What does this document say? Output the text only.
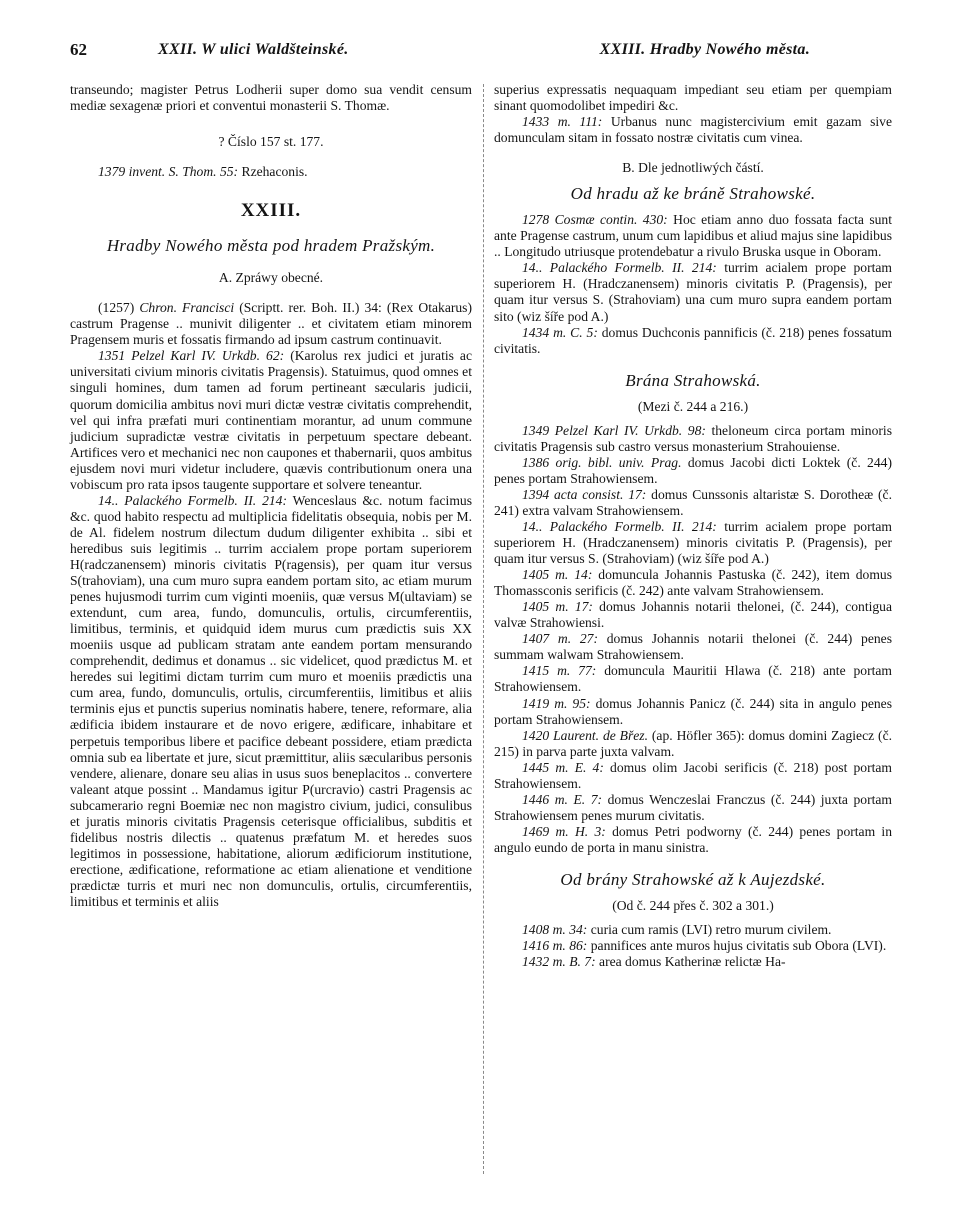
62	XXII. W ulici Waldšteinské.	XXIII. Hradby Nowého města.

transeundo; magister Petrus Lodherii super domo sua vendit censum mediæ sexagenæ priori et conventui monasterii S. Thomæ.

? Číslo 157 st. 177.

1379 invent. S. Thom. 55: Rzehaconis.

XXIII.

Hradby Nowého města pod hradem Pražským.

A. Zpráwy obecné.

(1257) Chron. Francisci (Scriptt. rer. Boh. II.) 34: (Rex Otakarus) castrum Pragense .. munivit diligenter .. et civitatem etiam minorem Pragensem muris et fossatis firmando ad ipsum castrum continuavit.

1351 Pelzel Karl IV. Urkdb. 62: (Karolus rex judici et juratis ac universitati civium minoris civitatis Pragensis). Statuimus, quod omnes et singuli homines, dum tamen ad forum pertineant sæcularis judicii, quorum domicilia ambitus novi muri dictæ vestræ civitatis comprehendit, vel qui infra præfati muri continentiam morantur, ad unum commune judicium supradictæ vestræ civitatis in perpetuum spectare debeant. Artifices vero et mechanici nec non caupones et thabernarii, quos ambitus ejusdem novi muri videtur includere, quævis contributionum onera una vobiscum pro rata ipsos taugente supportare et solvere teneantur.

14.. Palackého Formelb. II. 214: Wenceslaus &c. notum facimus &c. quod habito respectu ad multiplicia fidelitatis obsequia, nobis per M. de Al. fidelem nostrum dilectum dudum diligenter exhibita .. sibi et heredibus suis legitimis .. turrim accialem prope portam superiorem H(radczanensem) minoris civitatis P(ragensis), per quam itur versus S(trahoviam), una cum muro supra eandem portam sito, ac etiam murum penes hujusmodi turrim cum viginti moeniis, quæ versus M(ultaviam) se extendunt, cum area, fundo, domunculis, ortulis, circumferentiis, limitibus, terminis, et quidquid idem murus cum prædictis suis XX moeniis usque ad publicam stratam ante eandem portam mensurando comprehendit, dedimus et donamus .. sic videlicet, quod prædictus M. et heredes sui legitimi dictam turrim cum muro et moeniis prædictis una cum area, fundo, domunculis, ortulis, circumferentiis, limitibus et aliis terminis ejus et punctis superius nominatis habere, tenere, reformare, alia ædificia ibidem instaurare et de novo erigere, ædificare, inhabitare et perpetuis temporibus libere et pacifice debeant possidere, etiam prædicta omnia sub ea libertate et jure, sicut præmittitur, aliis sæcularibus personis vendere, alienare, donare seu alias in usus suos beneplacitos .. convertere valeant atque possint .. Mandamus igitur P(urcravio) castri Pragensis ac subcamerario regni Boemiæ nec non magistro civium, judici, consulibus et juratis minoris civitatis Pragensis ceterisque officialibus, subditis et fidelibus nostris dilectis .. quatenus præfatum M. et heredes suos legitimos in possessione, habitatione, aliorum ædificiorum institutione, erectione, ædificatione, reformatione ac etiam alienatione et venditione prædictæ turris et muri nec non domunculis, ortulis, circumferentiis, limitibus et terminis et aliis

superius expressatis nequaquam impediant seu etiam per quempiam sinant quomodolibet impediri &c.

1433 m. 111: Urbanus nunc magistercivium emit gazam sive domunculam sitam in fossato nostræ civitatis cum vinea.

B. Dle jednotliwých částí.

Od hradu až ke bráně Strahowské.

1278 Cosmæ contin. 430: Hoc etiam anno duo fossata facta sunt ante Pragense castrum, unum cum lapidibus et aliud majus sine lapidibus .. Longitudo utriusque protendebatur a rivulo Bruska usque in Oboram.

14.. Palackého Formelb. II. 214: turrim acialem prope portam superiorem H. (Hradczanensem) minoris civitatis P. (Pragensis), per quam itur versus S. (Strahoviam) una cum muro supra eandem portam sito (wiz šíře pod A.)

1434 m. C. 5: domus Duchconis pannificis (č. 218) penes fossatum civitatis.

Brána Strahowská.

(Mezi č. 244 a 216.)

1349 Pelzel Karl IV. Urkdb. 98: theloneum circa portam minoris civitatis Pragensis sub castro versus monasterium Strahouiense.

1386 orig. bibl. univ. Prag. domus Jacobi dicti Loktek (č. 244) penes portam Strahowiensem.

1394 acta consist. 17: domus Cunssonis altaristæ S. Dorotheæ (č. 241) extra valvam Strahowiensem.

14.. Palackého Formelb. II. 214: turrim acialem prope portam superiorem H. (Hradczanensem) minoris civitatis P. (Pragensis), per quam itur versus S. (Strahoviam) (wiz šíře pod A.)

1405 m. 14: domuncula Johannis Pastuska (č. 242), item domus Thomassconis serificis (č. 242) ante valvam Strahowiensem.

1405 m. 17: domus Johannis notarii thelonei, (č. 244), contigua valvæ Strahowiensi.

1407 m. 27: domus Johannis notarii thelonei (č. 244) penes summam walwam Strahowiensem.

1415 m. 77: domuncula Mauritii Hlawa (č. 218) ante portam Strahowiensem.

1419 m. 95: domus Johannis Panicz (č. 244) sita in angulo penes portam Strahowiensem.

1420 Laurent. de Břez. (ap. Höfler 365): domus domini Zagiecz (č. 215) in parva parte juxta valvam.

1445 m. E. 4: domus olim Jacobi serificis (č. 218) post portam Strahowiensem.

1446 m. E. 7: domus Wenczeslai Franczus (č. 244) juxta portam Strahowiensem penes murum civitatis.

1469 m. H. 3: domus Petri podworny (č. 244) penes portam in angulo eundo de porta in manu sinistra.

Od brány Strahowské až k Aujezdské.

(Od č. 244 přes č. 302 a 301.)

1408 m. 34: curia cum ramis (LVI) retro murum civilem.

1416 m. 86: pannifices ante muros hujus civitatis sub Obora (LVI).

1432 m. B. 7: area domus Katherinæ relictæ Ha-
